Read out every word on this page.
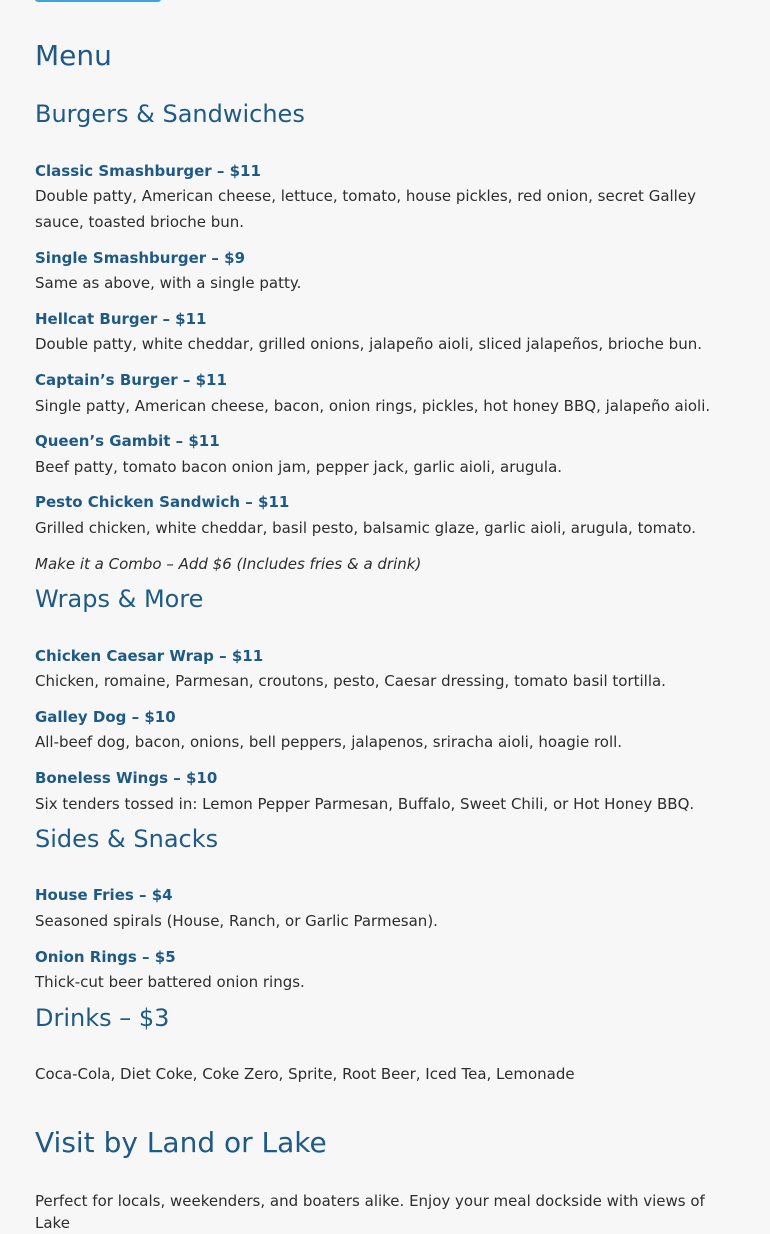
Menu
Burgers & Sandwiches
Classic Smashburger – $11
Double patty, American cheese, lettuce, tomato, house pickles, red onion, secret Galley sauce, toasted brioche bun.
Single Smashburger – $9
Same as above, with a single patty.
Hellcat Burger – $11
Double patty, white cheddar, grilled onions, jalapeño aioli, sliced jalapeños, brioche bun.
Captain’s Burger – $11
Single patty, American cheese, bacon, onion rings, pickles, hot honey BBQ, jalapeño aioli.
Queen’s Gambit – $11
Beef patty, tomato bacon onion jam, pepper jack, garlic aioli, arugula.
Pesto Chicken Sandwich – $11
Grilled chicken, white cheddar, basil pesto, balsamic glaze, garlic aioli, arugula, tomato.
Make it a Combo – Add $6 (Includes fries & a drink)
Wraps & More
Chicken Caesar Wrap – $11
Chicken, romaine, Parmesan, croutons, pesto, Caesar dressing, tomato basil tortilla.
Galley Dog – $10
All-beef dog, bacon, onions, bell peppers, jalapenos, sriracha aioli, hoagie roll.
Boneless Wings – $10
Six tenders tossed in: Lemon Pepper Parmesan, Buffalo, Sweet Chili, or Hot Honey BBQ.
Sides & Snacks
House Fries – $4
Seasoned spirals (House, Ranch, or Garlic Parmesan).
Onion Rings – $5
Thick-cut beer battered onion rings.
Drinks – $3
Coca-Cola, Diet Coke, Coke Zero, Sprite, Root Beer, Iced Tea, Lemonade
Visit by Land or Lake
Perfect for locals, weekenders, and boaters alike. Enjoy your meal dockside with views of Lake
